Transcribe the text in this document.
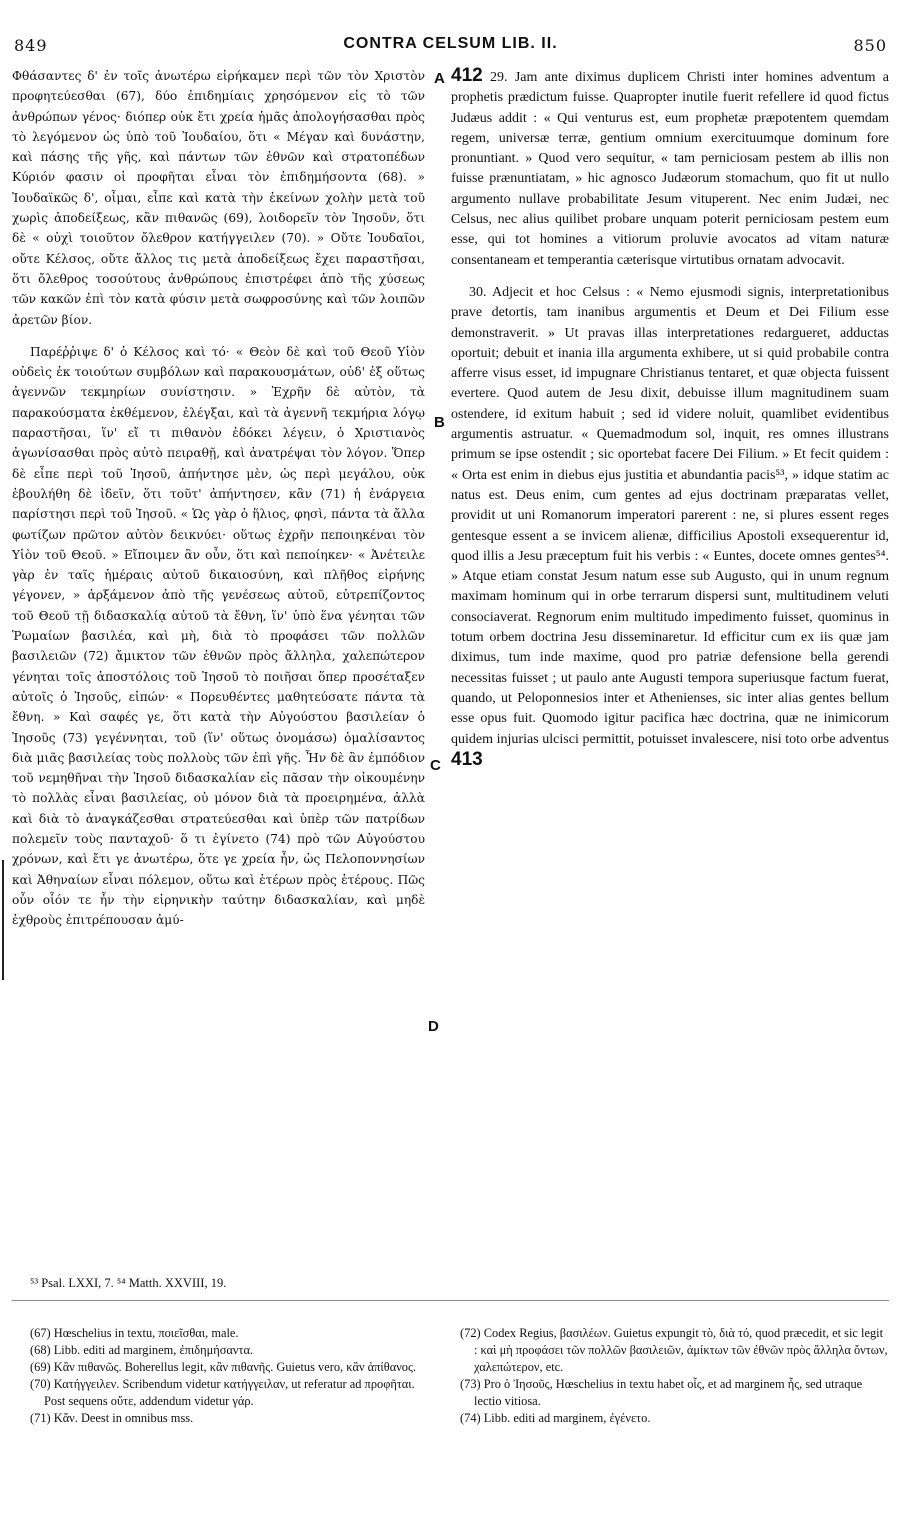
849	CONTRA CELSUM LIB. II.	850

Φθάσαντες δ' ἐν τοῖς ἀνωτέρω εἰρήκαμεν περὶ τῶν τὸν Χριστὸν προφητεύεσθαι (67), δύο ἐπιδημίαις χρησόμενον εἰς τὸ τῶν ἀνθρώπων γένος· διόπερ οὐκ ἔτι χρεία ἡμᾶς ἀπολογήσασθαι πρὸς τὸ λεγόμενον ὡς ὑπὸ τοῦ Ἰουδαίου, ὅτι « Μέγαν καὶ δυνάστην, καὶ πάσης τῆς γῆς, καὶ πάντων τῶν ἐθνῶν καὶ στρατοπέδων Κύριόν φασιν οἱ προφῆται εἶναι τὸν ἐπιδημήσοντα (68). » Ἰουδαϊκῶς δ', οἶμαι, εἶπε καὶ κατὰ τὴν ἐκείνων χολὴν μετὰ τοῦ χωρὶς ἀποδείξεως, κἂν πιθανῶς (69), λοιδορεῖν τὸν Ἰησοῦν, ὅτι δὲ « οὐχὶ τοιοῦτον ὄλεθρον κατήγγειλεν (70). » Οὔτε Ἰουδαῖοι, οὔτε Κέλσος, οὔτε ἄλλος τις μετὰ ἀποδείξεως ἔχει παραστῆσαι, ὅτι ὄλεθρος τοσούτους ἀνθρώπους ἐπιστρέφει ἀπὸ τῆς χύσεως τῶν κακῶν ἐπὶ τὸν κατὰ φύσιν μετὰ σωφροσύνης καὶ τῶν λοιπῶν ἀρετῶν βίον.

Παρέῤῥιψε δ' ὁ Κέλσος καὶ τό· « Θεὸν δὲ καὶ τοῦ Θεοῦ Υἱὸν οὐδεὶς ἐκ τοιούτων συμβόλων καὶ παρακουσμάτων, οὐδ' ἐξ οὕτως ἀγεννῶν τεκμηρίων συνίστησιν. » Ἐχρῆν δὲ αὐτὸν, τὰ παρακούσματα ἐκθέμενον, ἐλέγξαι, καὶ τὰ ἀγεννῆ τεκμήρια λόγῳ παραστῆσαι, ἵν' εἴ τι πιθανὸν ἐδόκει λέγειν, ὁ Χριστιανὸς ἀγωνίσασθαι πρὸς αὐτὸ πειραθῇ, καὶ ἀνατρέψαι τὸν λόγον. Ὅπερ δὲ εἶπε περὶ τοῦ Ἰησοῦ, ἀπήντησε μὲν, ὡς περὶ μεγάλου, οὐκ ἐβουλήθη δὲ ἰδεῖν, ὅτι τοῦτ' ἀπήντησεν, κἂν (71) ἡ ἐνάργεια παρίστησι περὶ τοῦ Ἰησοῦ. « Ὡς γὰρ ὁ ἥλιος, φησὶ, πάντα τὰ ἄλλα φωτίζων πρῶτον αὐτὸν δεικνύει· οὕτως ἐχρῆν πεποιηκέναι τὸν Υἱὸν τοῦ Θεοῦ. » Εἴποιμεν ἂν οὖν, ὅτι καὶ πεποίηκεν· « Ἀνέτειλε γὰρ ἐν ταῖς ἡμέραις αὐτοῦ δικαιοσύνη, καὶ πλῆθος εἰρήνης γέγονεν, » ἀρξάμενον ἀπὸ τῆς γενέσεως αὐτοῦ, εὐτρεπίζοντος τοῦ Θεοῦ τῇ διδασκαλίᾳ αὐτοῦ τὰ ἔθνη, ἵν' ὑπὸ ἕνα γένηται τῶν Ῥωμαίων βασιλέα, καὶ μὴ, διὰ τὸ προφάσει τῶν πολλῶν βασιλειῶν (72) ἄμικτον τῶν ἐθνῶν πρὸς ἄλληλα, χαλεπώτερον γένηται τοῖς ἀποστόλοις τοῦ Ἰησοῦ τὸ ποιῆσαι ὅπερ προσέταξεν αὐτοῖς ὁ Ἰησοῦς, εἰπών· « Πορευθέντες μαθητεύσατε πάντα τὰ ἔθνη. » Καὶ σαφές γε, ὅτι κατὰ τὴν Αὐγούστου βασιλείαν ὁ Ἰησοῦς (73) γεγέννηται, τοῦ (ἵν' οὕτως ὀνομάσω) ὁμαλίσαντος διὰ μιᾶς βασιλείας τοὺς πολλοὺς τῶν ἐπὶ γῆς. Ἦν δὲ ἂν ἐμπόδιον τοῦ νεμηθῆναι τὴν Ἰησοῦ διδασκαλίαν εἰς πᾶσαν τὴν οἰκουμένην τὸ πολλὰς εἶναι βασιλείας, οὐ μόνον διὰ τὰ προειρημένα, ἀλλὰ καὶ διὰ τὸ ἀναγκάζεσθαι στρατεύεσθαι καὶ ὑπὲρ τῶν πατρίδων πολεμεῖν τοὺς πανταχοῦ· ὅ τι ἐγίνετο (74) πρὸ τῶν Αὐγούστου χρόνων, καὶ ἔτι γε ἀνωτέρω, ὅτε γε χρεία ἦν, ὡς Πελοποννησίων καὶ Ἀθηναίων εἶναι πόλεμον, οὕτω καὶ ἑτέρων πρὸς ἑτέρους. Πῶς οὖν οἷόν τε ἦν τὴν εἰρηνικὴν ταύτην διδασκαλίαν, καὶ μηδὲ ἐχθροὺς ἐπιτρέπουσαν ἀμύ-

A
B
C
D

412 29. Jam ante diximus duplicem Christi inter homines adventum a prophetis prædictum fuisse. Quapropter inutile fuerit refellere id quod fictus Judæus addit : « Qui venturus est, eum prophetæ præpotentem quemdam regem, universæ terræ, gentium omnium exercituumque dominum fore pronuntiant. » Quod vero sequitur, « tam perniciosam pestem ab illis non fuisse prænuntiatam, » hic agnosco Judæorum stomachum, quo fit ut nullo argumento nullave probabilitate Jesum vituperent. Nec enim Judæi, nec Celsus, nec alius quilibet probare unquam poterit perniciosam pestem eum esse, qui tot homines a vitiorum proluvie avocatos ad vitam naturæ consentaneam et temperantia cæterisque virtutibus ornatam advocavit.

30. Adjecit et hoc Celsus : « Nemo ejusmodi signis, interpretationibus prave detortis, tam inanibus argumentis et Deum et Dei Filium esse demonstraverit. » Ut pravas illas interpretationes redargueret, adductas oportuit; debuit et inania illa argumenta exhibere, ut si quid probabile contra afferre visus esset, id impugnare Christianus tentaret, et quæ objecta fuissent evertere. Quod autem de Jesu dixit, debuisse illum magnitudinem suam ostendere, id exitum habuit ; sed id videre noluit, quamlibet evidentibus argumentis astruatur. « Quemadmodum sol, inquit, res omnes illustrans primum se ipse ostendit ; sic oportebat facere Dei Filium. » Et fecit quidem : « Orta est enim in diebus ejus justitia et abundantia pacis⁵³, » idque statim ac natus est. Deus enim, cum gentes ad ejus doctrinam præparatas vellet, providit ut uni Romanorum imperatori parerent : ne, si plures essent reges gentesque essent a se invicem alienæ, difficilius Apostoli exsequerentur id, quod illis a Jesu præceptum fuit his verbis : « Euntes, docete omnes gentes⁵⁴. » Atque etiam constat Jesum natum esse sub Augusto, qui in unum regnum maximam hominum qui in orbe terrarum dispersi sunt, multitudinem veluti consociaverat. Regnorum enim multitudo impedimento fuisset, quominus in totum orbem doctrina Jesu disseminaretur. Id efficitur cum ex iis quæ jam diximus, tum inde maxime, quod pro patriæ defensione bella gerendi necessitas fuisset ; ut paulo ante Augusti tempora superiusque factum fuerat, quando, ut Peloponnesios inter et Athenienses, sic inter alias gentes bellum esse opus fuit. Quomodo igitur pacifica hæc doctrina, quæ ne inimicorum quidem injurias ulcisci permittit, potuisset invalescere, nisi toto orbe adventus 413

⁵³ Psal. LXXI, 7. ⁵⁴ Matth. XXVIII, 19.
(67) Hœschelius in textu, ποιεῖσθαι, male.
(68) Libb. editi ad marginem, ἐπιδημήσαντα.
(69) Κἂν πιθανῶς. Boherellus legit, κἂν πιθανῆς. Guietus vero, κἂν ἀπίθανος.
(70) Κατήγγειλεν. Scribendum videtur κατήγγειλαν, ut referatur ad προφῆται. Post sequens οὔτε, addendum videtur γάρ.
(71) Κἄν. Deest in omnibus mss.
(72) Codex Regius, βασιλέων. Guietus expungit τὸ, διὰ τό, quod præcedit, et sic legit : καὶ μὴ προφάσει τῶν πολλῶν βασιλειῶν, ἀμίκτων τῶν ἐθνῶν πρὸς ἄλληλα ὄντων, χαλεπώτερον, etc.
(73) Pro ὁ Ἰησοῦς, Hœschelius in textu habet οἷς, et ad marginem ἧς, sed utraque lectio vitiosa.
(74) Libb. editi ad marginem, ἐγένετο.
